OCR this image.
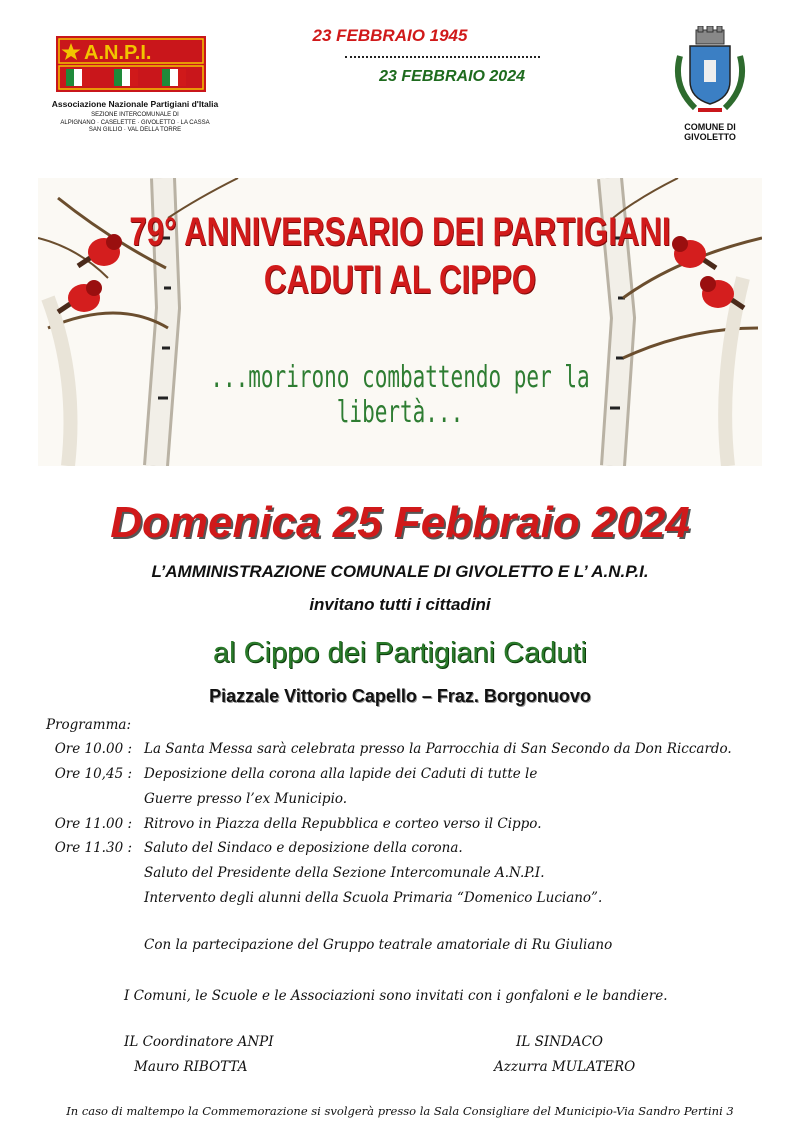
A.N.P.I.
Associazione Nazionale Partigiani d'Italia
SEZIONE INTERCOMUNALE DI
ALPIGNANO · CASELETTE · GIVOLETTO · LA CASSA
SAN GILLIO · VAL DELLA TORRE
23 FEBBRAIO 1945
23 FEBBRAIO 2024
COMUNE DI
GIVOLETTO
79° ANNIVERSARIO DEI PARTIGIANI
CADUTI AL CIPPO
...morirono combattendo per la libertà...
Domenica 25 Febbraio 2024
L’AMMINISTRAZIONE COMUNALE DI GIVOLETTO E L’ A.N.P.I.
invitano tutti i cittadini
al Cippo dei Partigiani Caduti
Piazzale Vittorio Capello – Fraz. Borgonuovo
Programma:
Ore 10.00 : La Santa Messa sarà celebrata presso la Parrocchia di San Secondo da Don Riccardo.
Ore 10,45 : Deposizione della corona alla lapide dei Caduti di tutte le
Guerre presso l’ex Municipio.
Ore 11.00 : Ritrovo in Piazza della Repubblica e corteo verso il Cippo.
Ore 11.30 : Saluto del Sindaco e deposizione della corona.
Saluto del Presidente della Sezione Intercomunale A.N.P.I.
Intervento degli alunni della Scuola Primaria “Domenico Luciano”.
Con la partecipazione del Gruppo teatrale amatoriale di Ru Giuliano
I Comuni, le Scuole e le Associazioni sono invitati con i gonfaloni e le bandiere.
IL Coordinatore ANPI
Mauro RIBOTTA
IL SINDACO
Azzurra MULATERO
In caso di maltempo la Commemorazione si svolgerà presso la Sala Consigliare del Municipio-Via Sandro Pertini 3
